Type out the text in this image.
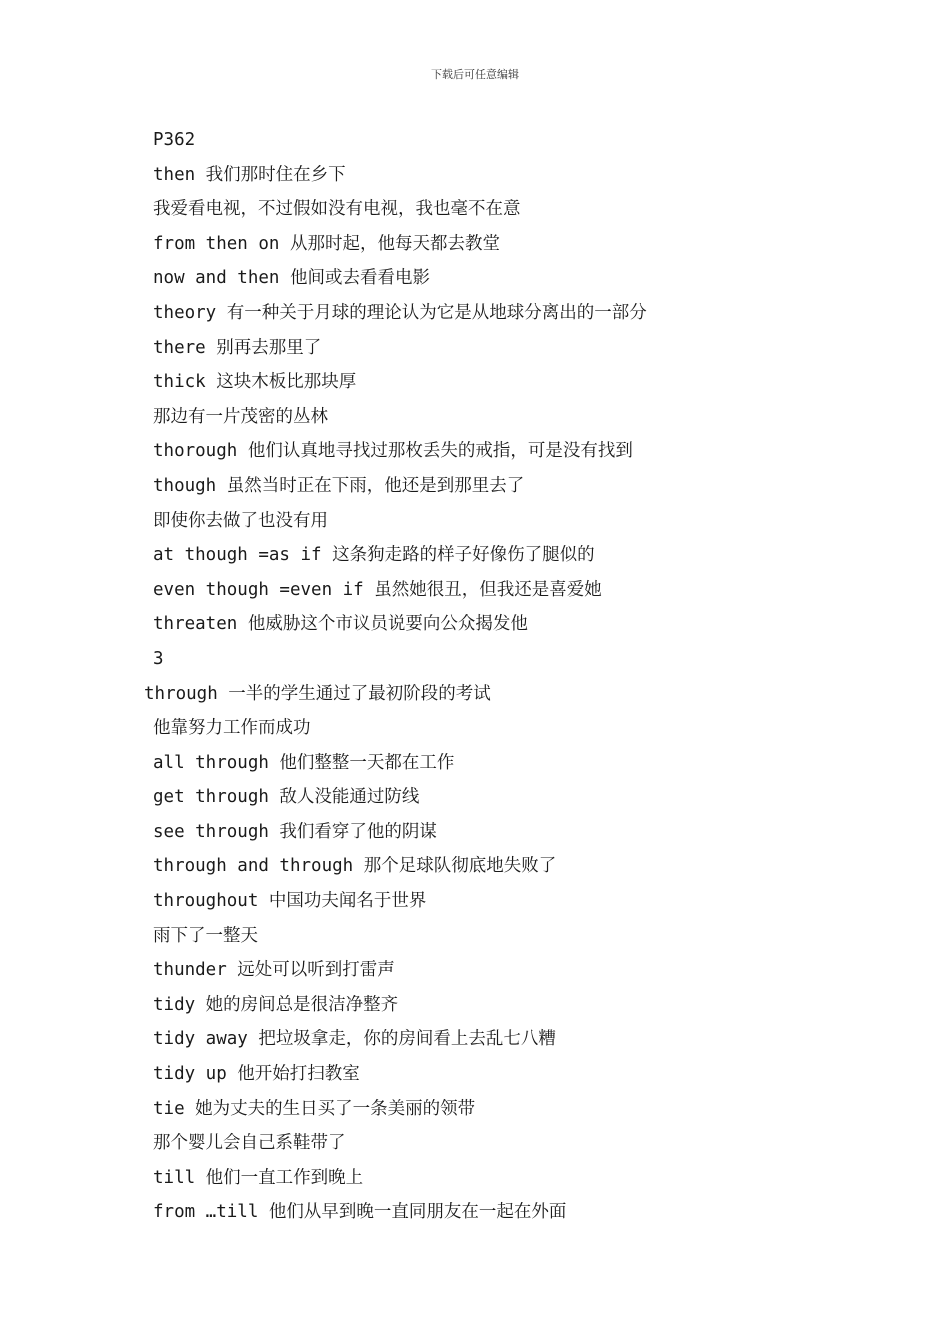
下载后可任意编辑
P362
then 我们那时住在乡下
我爱看电视，不过假如没有电视，我也毫不在意
from then on 从那时起，他每天都去教堂
now and then 他间或去看看电影
theory 有一种关于月球的理论认为它是从地球分离出的一部分
there 别再去那里了
thick 这块木板比那块厚
那边有一片茂密的丛林
thorough 他们认真地寻找过那枚丢失的戒指，可是没有找到
though 虽然当时正在下雨，他还是到那里去了
即使你去做了也没有用
at though =as if 这条狗走路的样子好像伤了腿似的
even though =even if 虽然她很丑，但我还是喜爱她
threaten 他威胁这个市议员说要向公众揭发他
3
through 一半的学生通过了最初阶段的考试
他靠努力工作而成功
all through 他们整整一天都在工作
get through 敌人没能通过防线
see through 我们看穿了他的阴谋
through and through 那个足球队彻底地失败了
throughout 中国功夫闻名于世界
雨下了一整天
thunder 远处可以听到打雷声
tidy 她的房间总是很洁净整齐
tidy away 把垃圾拿走，你的房间看上去乱七八糟
tidy up 他开始打扫教室
tie 她为丈夫的生日买了一条美丽的领带
那个婴儿会自己系鞋带了
till 他们一直工作到晚上
from …till 他们从早到晚一直同朋友在一起在外面
